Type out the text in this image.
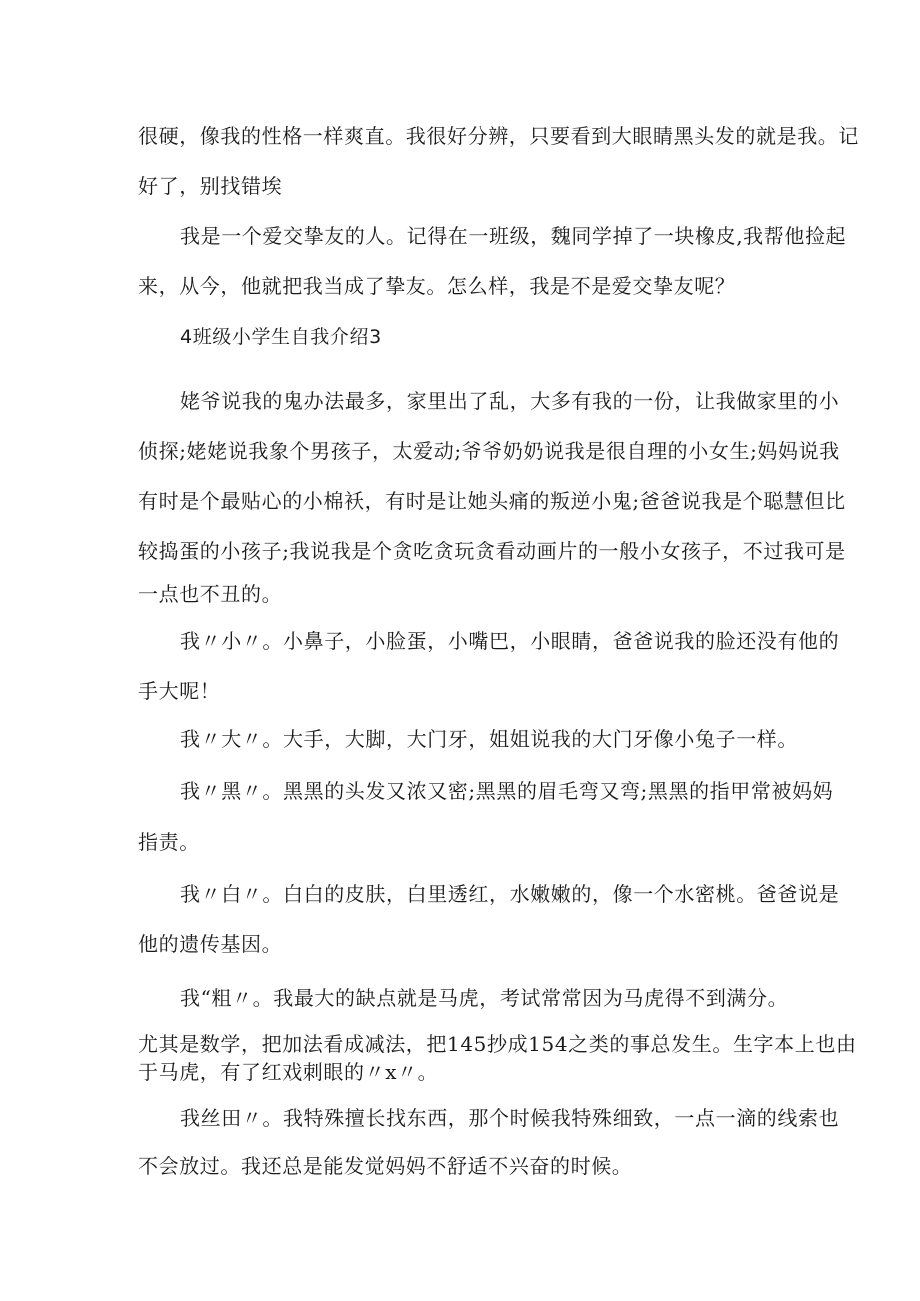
很硬，像我的性格一样爽直。我很好分辨，只要看到大眼睛黑头发的就是我。记
好了，别找错埃
我是一个爱交挚友的人。记得在一班级，魏同学掉了一块橡皮,我帮他捡起
来，从今，他就把我当成了挚友。怎么样，我是不是爱交挚友呢？
4班级小学生自我介绍3
姥爷说我的鬼办法最多，家里出了乱，大多有我的一份，让我做家里的小
侦探;姥姥说我象个男孩子，太爱动;爷爷奶奶说我是很自理的小女生;妈妈说我
有时是个最贴心的小棉袄，有时是让她头痛的叛逆小鬼;爸爸说我是个聪慧但比
较捣蛋的小孩子;我说我是个贪吃贪玩贪看动画片的一般小女孩子，不过我可是
一点也不丑的。
我〃小〃。小鼻子，小脸蛋，小嘴巴，小眼睛，爸爸说我的脸还没有他的
手大呢！
我〃大〃。大手，大脚，大门牙，姐姐说我的大门牙像小兔子一样。
我〃黑〃。黑黑的头发又浓又密;黑黑的眉毛弯又弯;黑黑的指甲常被妈妈
指责。
我〃白〃。白白的皮肤，白里透红，水嫩嫩的，像一个水密桃。爸爸说是
他的遗传基因。
我“粗〃。我最大的缺点就是马虎，考试常常因为马虎得不到满分。
尤其是数学，把加法看成减法，把145抄成154之类的事总发生。生字本上也由
于马虎，有了红戏刺眼的〃x〃。
我丝田〃。我特殊擅长找东西，那个时候我特殊细致，一点一滴的线索也
不会放过。我还总是能发觉妈妈不舒适不兴奋的时候。
